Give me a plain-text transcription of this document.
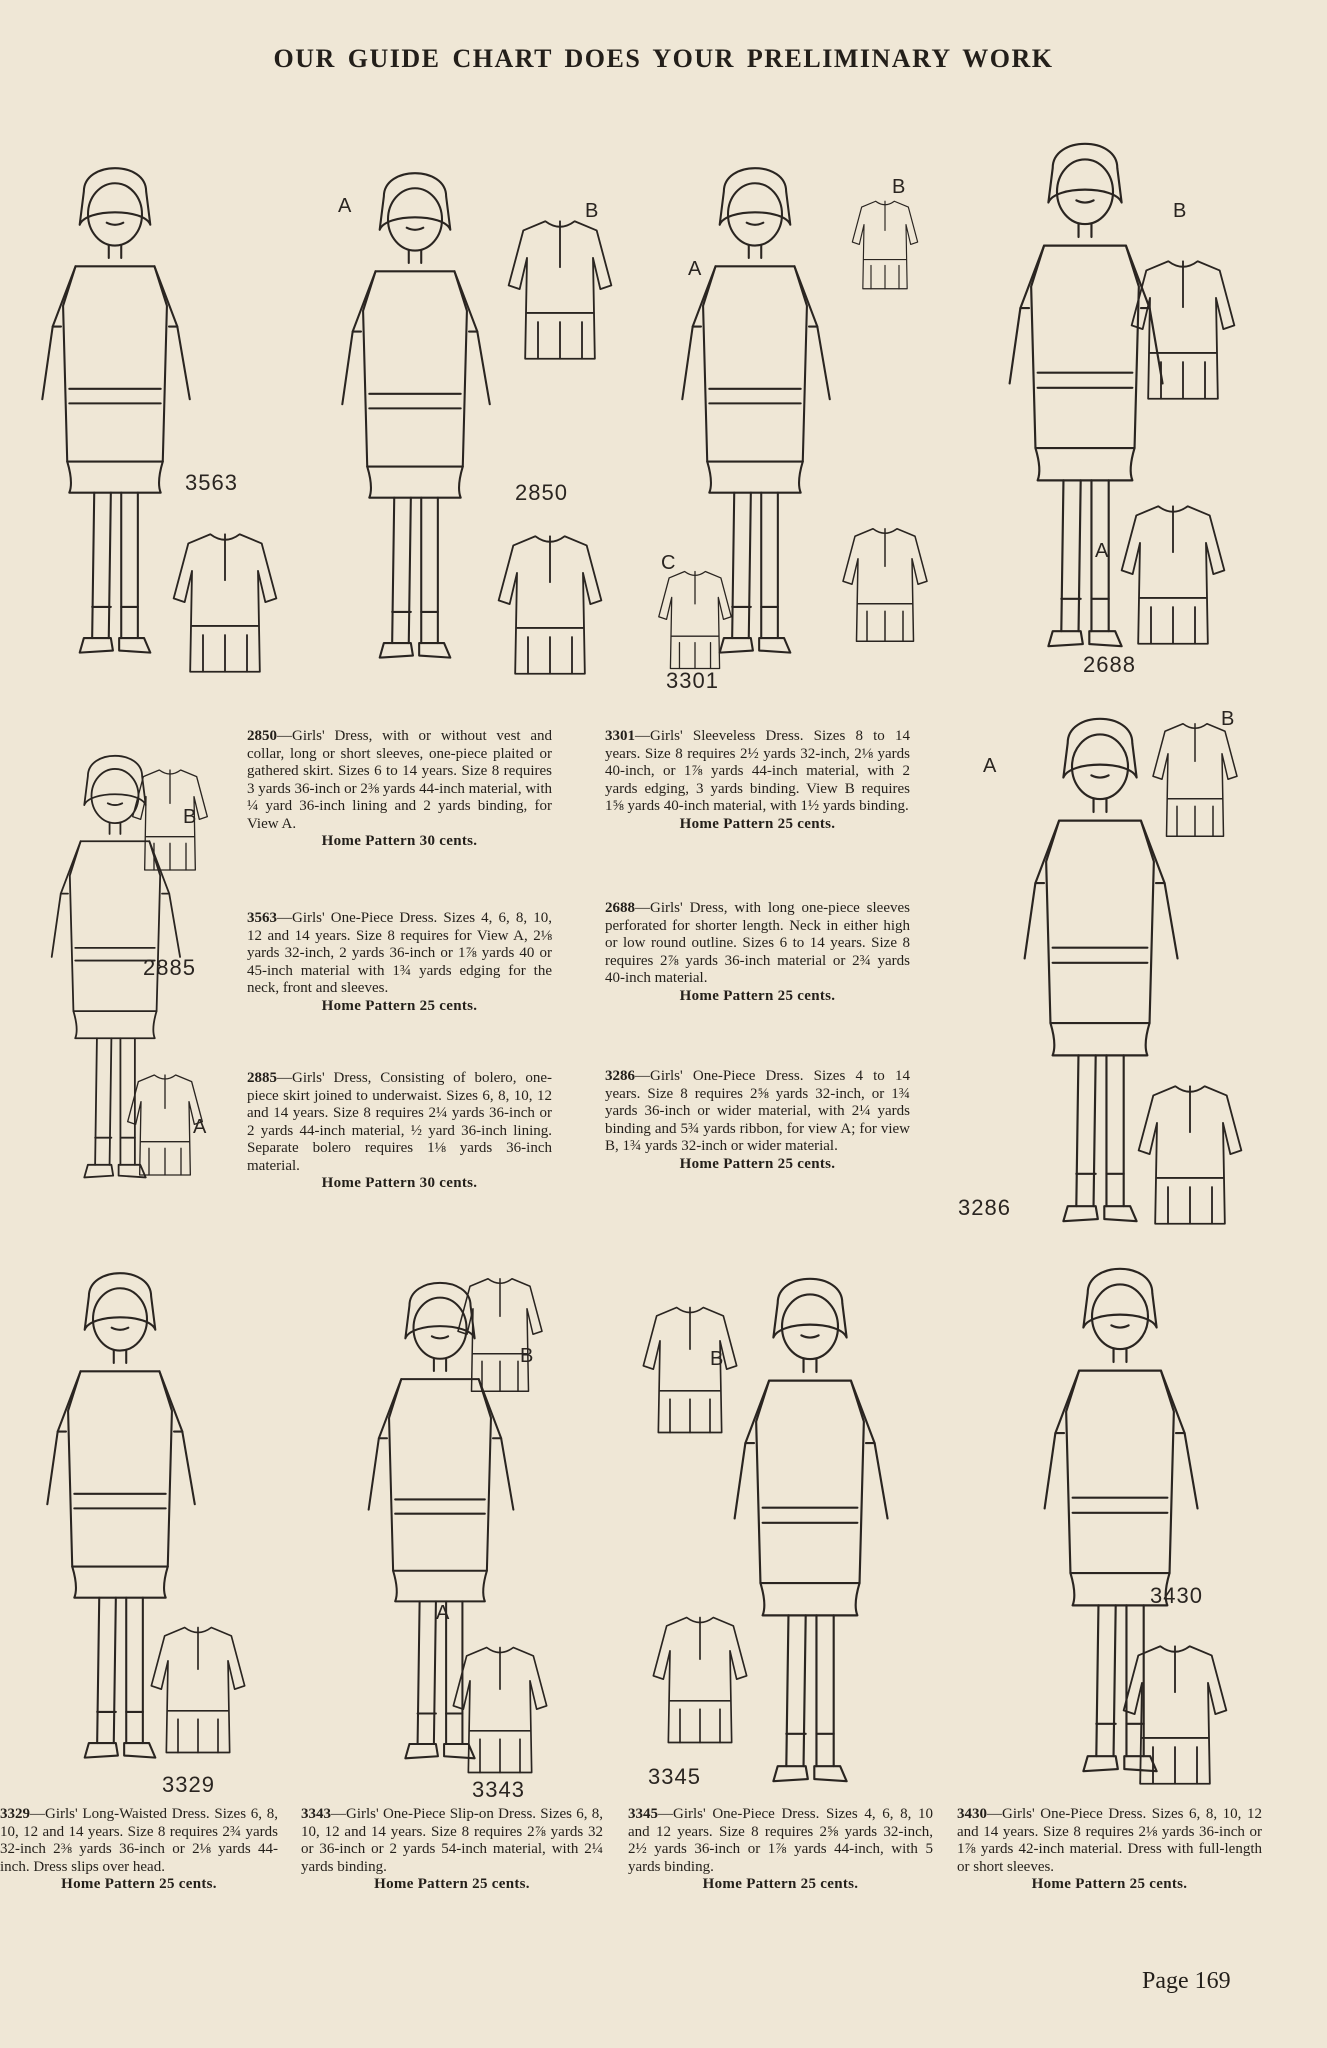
OUR GUIDE CHART DOES YOUR PRELIMINARY WORK
3563
A	B
2850
A
B
C
3301
B
A
2688
B
2885
A
2850—Girls' Dress, with or without vest and collar, long or short sleeves, one-piece plaited or gathered skirt. Sizes 6 to 14 years. Size 8 requires 3 yards 36-inch or 2⅜ yards 44-inch material, with ¼ yard 36-inch lining and 2 yards binding, for View A.
Home Pattern 30 cents.
3563—Girls' One-Piece Dress. Sizes 4, 6, 8, 10, 12 and 14 years. Size 8 requires for View A, 2⅛ yards 32-inch, 2 yards 36-inch or 1⅞ yards 40 or 45-inch material with 1¾ yards edging for the neck, front and sleeves.
Home Pattern 25 cents.
2885—Girls' Dress, Consisting of bolero, one-piece skirt joined to underwaist. Sizes 6, 8, 10, 12 and 14 years. Size 8 requires 2¼ yards 36-inch or 2 yards 44-inch material, ½ yard 36-inch lining. Separate bolero requires 1⅛ yards 36-inch material.
Home Pattern 30 cents.
3301—Girls' Sleeveless Dress. Sizes 8 to 14 years. Size 8 requires 2½ yards 32-inch, 2⅛ yards 40-inch, or 1⅞ yards 44-inch material, with 2 yards edging, 3 yards binding. View B requires 1⅝ yards 40-inch material, with 1½ yards binding.
Home Pattern 25 cents.
2688—Girls' Dress, with long one-piece sleeves perforated for shorter length. Neck in either high or low round outline. Sizes 6 to 14 years. Size 8 requires 2⅞ yards 36-inch material or 2¾ yards 40-inch material.
Home Pattern 25 cents.
3286—Girls' One-Piece Dress. Sizes 4 to 14 years. Size 8 requires 2⅝ yards 32-inch, or 1¾ yards 36-inch or wider material, with 2¼ yards binding and 5¾ yards ribbon, for view A; for view B, 1¾ yards 32-inch or wider material.
Home Pattern 25 cents.
A
B
3286
3329
B
A
3343
B
3345
3430
3329—Girls' Long-Waisted Dress. Sizes 6, 8, 10, 12 and 14 years. Size 8 requires 2¾ yards 32-inch 2⅜ yards 36-inch or 2⅛ yards 44-inch. Dress slips over head.
Home Pattern 25 cents.
3343—Girls' One-Piece Slip-on Dress. Sizes 6, 8, 10, 12 and 14 years. Size 8 requires 2⅞ yards 32 or 36-inch or 2 yards 54-inch material, with 2¼ yards binding.
Home Pattern 25 cents.
3345—Girls' One-Piece Dress. Sizes 4, 6, 8, 10 and 12 years. Size 8 requires 2⅝ yards 32-inch, 2½ yards 36-inch or 1⅞ yards 44-inch, with 5 yards binding.
Home Pattern 25 cents.
3430—Girls' One-Piece Dress. Sizes 6, 8, 10, 12 and 14 years. Size 8 requires 2⅛ yards 36-inch or 1⅞ yards 42-inch material. Dress with full-length or short sleeves.
Home Pattern 25 cents.
Page 169
